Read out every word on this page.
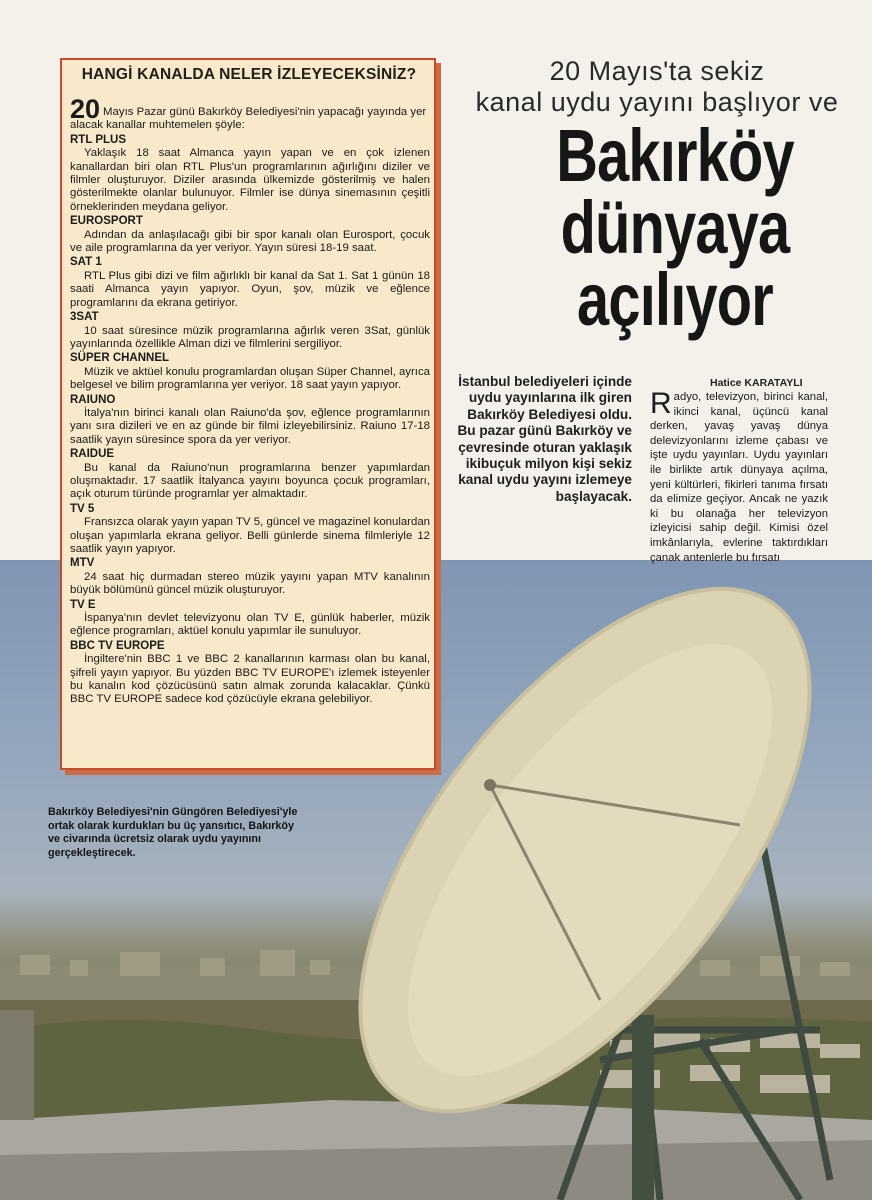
HANGİ KANALDA NELER İZLEYECEKSİNİZ?

20 Mayıs Pazar günü Bakırköy Belediyesi'nin yapacağı yayında yer alacak kanallar muhtemelen şöyle:

RTL PLUS

Yaklaşık 18 saat Almanca yayın yapan ve en çok izlenen kanallardan biri olan RTL Plus'un programlarının ağırlığını diziler ve filmler oluşturuyor. Diziler arasında ülkemizde gösterilmiş ve halen gösterilmekte olanlar bulunuyor. Filmler ise dünya sinemasının çeşitli örneklerinden meydana geliyor.

EUROSPORT

Adından da anlaşılacağı gibi bir spor kanalı olan Eurosport, çocuk ve aile programlarına da yer veriyor. Yayın süresi 18-19 saat.

SAT 1

RTL Plus gibi dizi ve film ağırlıklı bir kanal da Sat 1. Sat 1 günün 18 saati Almanca yayın yapıyor. Oyun, şov, müzik ve eğlence programlarını da ekrana getiriyor.

3SAT

10 saat süresince müzik programlarına ağırlık veren 3Sat, günlük yayınlarında özellikle Alman dizi ve filmlerini sergiliyor.

SÜPER CHANNEL

Müzik ve aktüel konulu programlardan oluşan Süper Channel, ayrıca belgesel ve bilim programlarına yer veriyor. 18 saat yayın yapıyor.

RAIUNO

İtalya'nın birinci kanalı olan Raiuno'da şov, eğlence programlarının yanı sıra dizileri ve en az günde bir filmi izleyebilirsiniz. Raiuno 17-18 saatlik yayın süresince spora da yer veriyor.

RAIDUE

Bu kanal da Raiuno'nun programlarına benzer yapımlardan oluşmaktadır. 17 saatlik İtalyanca yayını boyunca çocuk programları, açık oturum türünde programlar yer almaktadır.

TV 5

Fransızca olarak yayın yapan TV 5, güncel ve magazinel konulardan oluşan yapımlarla ekrana geliyor. Belli günlerde sinema filmleriyle 12 saatlik yayın yapıyor.

MTV

24 saat hiç durmadan stereo müzik yayını yapan MTV kanalının büyük bölümünü güncel müzik oluşturuyor.

TV E

İspanya'nın devlet televizyonu olan TV E, günlük haberler, müzik eğlence programları, aktüel konulu yapımlar ile sunuluyor.

BBC TV EUROPE

İngiltere'nin BBC 1 ve BBC 2 kanallarının karması olan bu kanal, şifreli yayın yapıyor. Bu yüzden BBC TV EUROPE'ı izlemek isteyenler bu kanalın kod çözücüsünü satın almak zorunda kalacaklar. Çünkü BBC TV EUROPE sadece kod çözücüyle ekrana gelebiliyor.

20 Mayıs'ta sekiz
kanal uydu yayını başlıyor ve
Bakırköy
dünyaya
açılıyor
İstanbul belediyeleri içinde uydu yayınlarına ilk giren Bakırköy Belediyesi oldu. Bu pazar günü Bakırköy ve çevresinde oturan yaklaşık ikibuçuk milyon kişi sekiz kanal uydu yayını izlemeye başlayacak.
Hatice KARATAYLI
Radyo, televizyon, birinci kanal, ikinci kanal, üçüncü kanal derken, yavaş yavaş dünya delevizyonlarını izleme çabası ve işte uydu yayınları. Uydu yayınları ile birlikte artık dünyaya açılma, yeni kültürleri, fikirleri tanıma fırsatı da elimize geçiyor. Ancak ne yazık ki bu olanağa her televizyon izleyicisi sahip değil. Kimisi özel imkânlarıyla, evlerine taktırdıkları çanak antenlerle bu fırsatı
Bakırköy Belediyesi'nin Güngören Belediyesi'yle ortak olarak kurdukları bu üç yansıtıcı, Bakırköy ve civarında ücretsiz olarak uydu yayınını gerçekleştirecek.
